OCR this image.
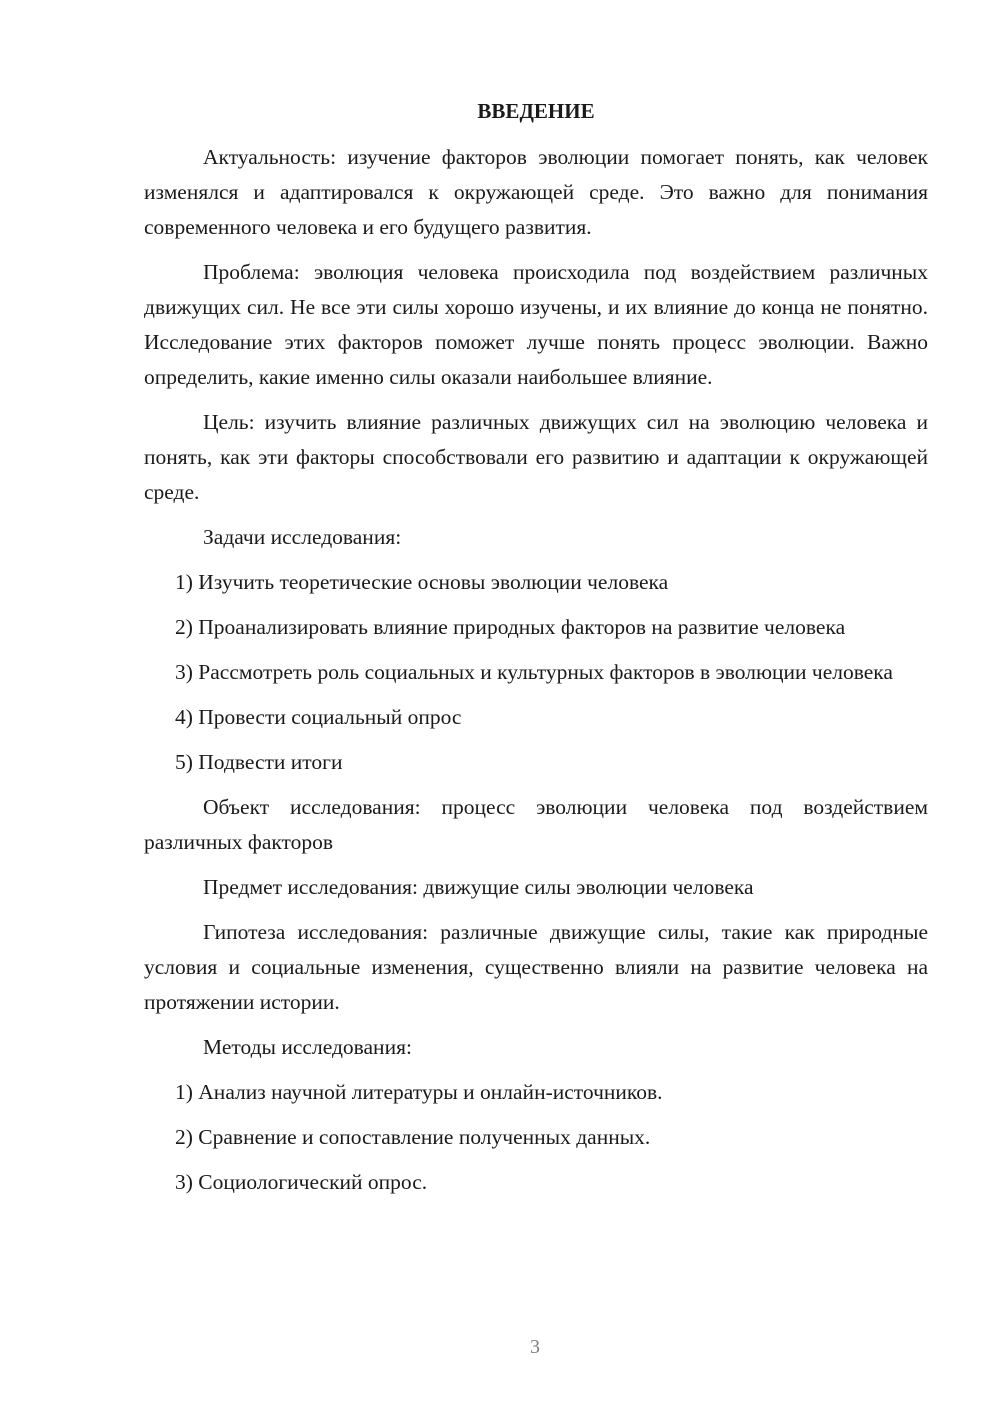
ВВЕДЕНИЕ

Актуальность: изучение факторов эволюции помогает понять, как человек изменялся и адаптировался к окружающей среде. Это важно для понимания современного человека и его будущего развития.

Проблема: эволюция человека происходила под воздействием различных движущих сил. Не все эти силы хорошо изучены, и их влияние до конца не понятно. Исследование этих факторов поможет лучше понять процесс эволюции. Важно определить, какие именно силы оказали наибольшее влияние.

Цель: изучить влияние различных движущих сил на эволюцию человека и понять, как эти факторы способствовали его развитию и адаптации к окружающей среде.

Задачи исследования:

1) Изучить теоретические основы эволюции человека

2) Проанализировать влияние природных факторов на развитие человека

3) Рассмотреть роль социальных и культурных факторов в эволюции человека

4) Провести социальный опрос

5) Подвести итоги

Объект исследования: процесс эволюции человека под воздействием различных факторов

Предмет исследования: движущие силы эволюции человека

Гипотеза исследования: различные движущие силы, такие как природные условия и социальные изменения, существенно влияли на развитие человека на протяжении истории.

Методы исследования:

1) Анализ научной литературы и онлайн-источников.

2) Сравнение и сопоставление полученных данных.

3) Социологический опрос.

3
